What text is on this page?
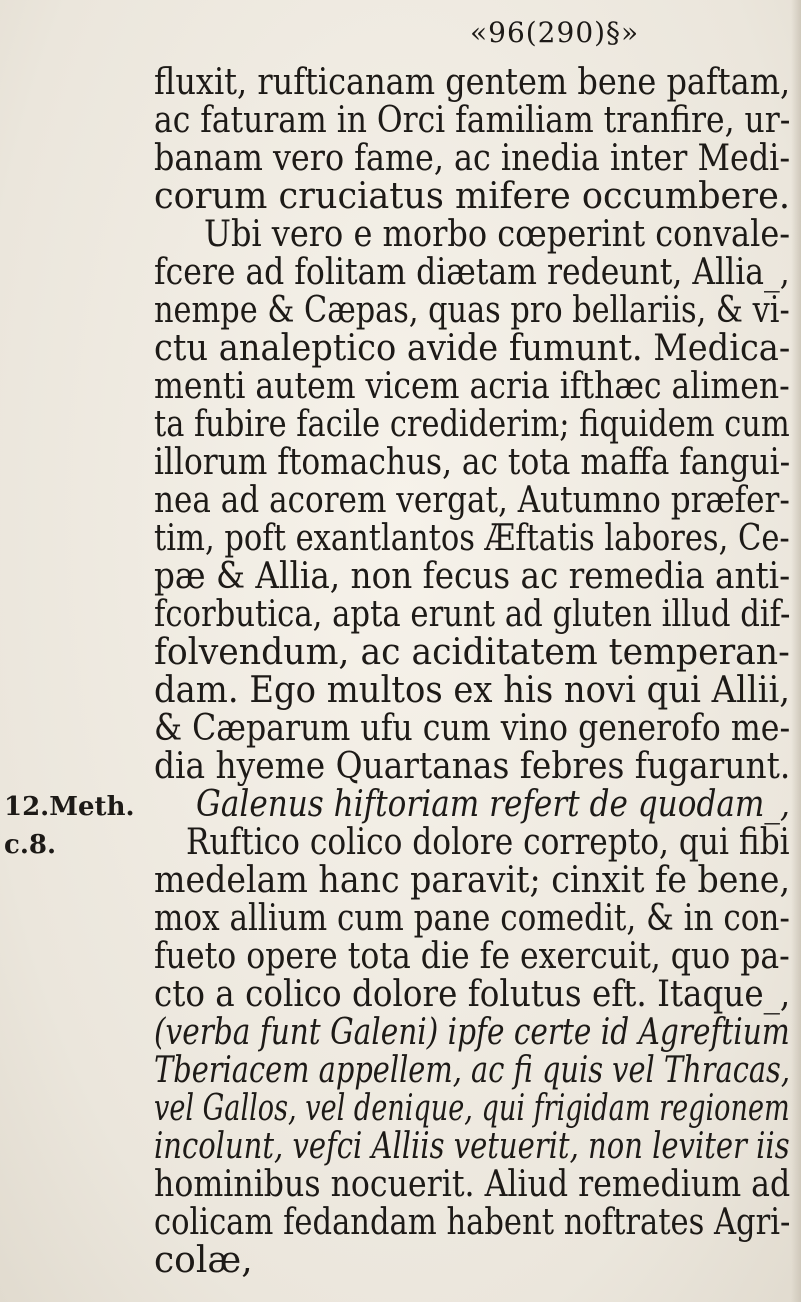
«96(290)§»
12.Meth.
c.8.
fluxit, rufticanam gentem bene paftam,
ac faturam in Orci familiam tranfire, ur-
banam vero fame, ac inedia inter Medi-
corum cruciatus mifere occumbere.
Ubi vero e morbo cœperint convale-
fcere ad folitam diætam redeunt, Allia_,
nempe & Cæpas, quas pro bellariis, & vi-
ctu analeptico avide fumunt. Medica-
menti autem vicem acria ifthæc alimen-
ta fubire facile crediderim; fiquidem cum
illorum ftomachus, ac tota maffa fangui-
nea ad acorem vergat, Autumno præfer-
tim, poft exantlantos Æftatis labores, Ce-
pæ & Allia, non fecus ac remedia anti-
fcorbutica, apta erunt ad gluten illud dif-
folvendum, ac aciditatem temperan-
dam. Ego multos ex his novi qui Allii,
& Cæparum ufu cum vino generofo me-
dia hyeme Quartanas febres fugarunt.
Galenus hiftoriam refert de quodam_,
Ruftico colico dolore correpto, qui fibi
medelam hanc paravit; cinxit fe bene,
mox allium cum pane comedit, & in con-
fueto opere tota die fe exercuit, quo pa-
cto a colico dolore folutus eft. Itaque_,
(verba funt Galeni) ipfe certe id Agreftium
Tberiacem appellem, ac fi quis vel Thracas,
vel Gallos, vel denique, qui frigidam regionem
incolunt, vefci Alliis vetuerit, non leviter iis
hominibus nocuerit. Aliud remedium ad
colicam fedandam habent noftrates Agri-
colæ,
